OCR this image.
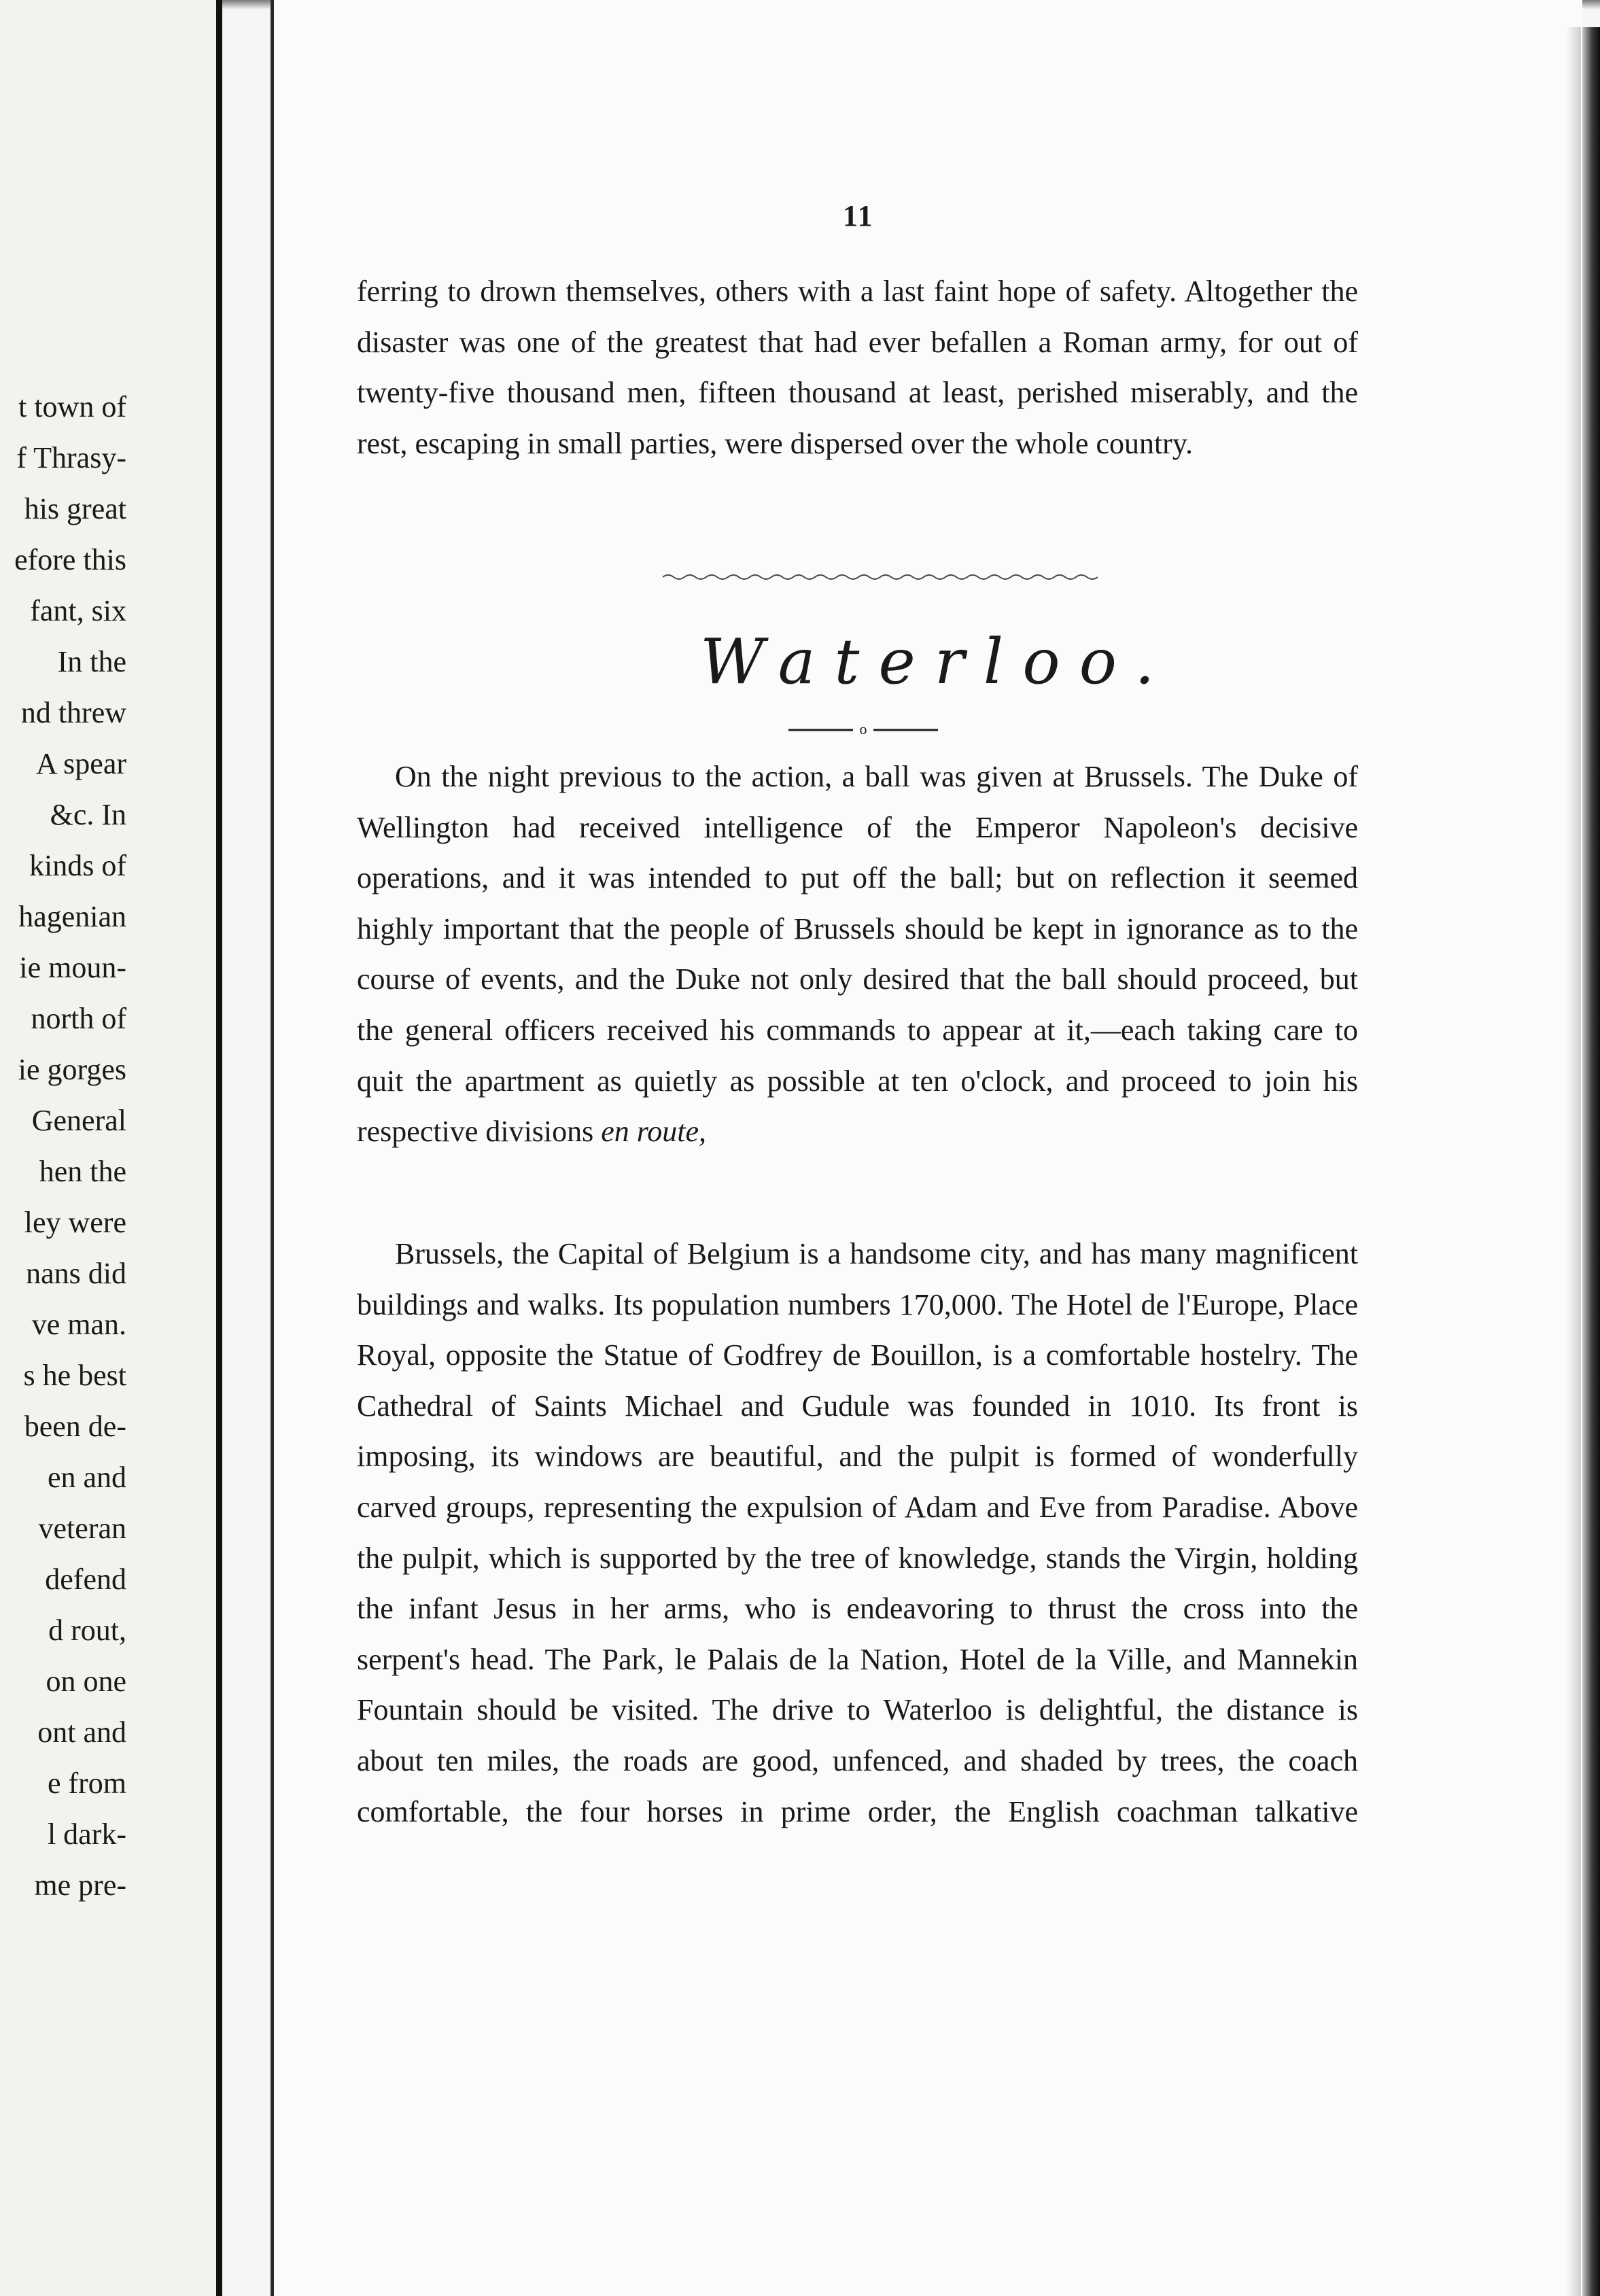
t town of

f Thrasy-

his great

efore this

fant, six

In the

nd threw

A spear

&c. In

kinds of

hagenian

ie moun-

north of

ie gorges

General

hen the

ley were

nans did

ve man.

s he best

been de-

en and

veteran

defend

d rout,

on one

ont and

e from

l dark-

me pre-

11

ferring to drown themselves, others with a last faint hope of safety. Altogether the disaster was one of the greatest that had ever befallen a Roman army, for out of twenty-five thousand men, fifteen thousand at least, perished miserably, and the rest, escaping in small parties, were dispersed over the whole country.

Waterloo.
o

On the night previous to the action, a ball was given at Brussels. The Duke of Wellington had received intelligence of the Emperor Napoleon's decisive operations, and it was intended to put off the ball; but on reflection it seemed highly important that the people of Brussels should be kept in ignorance as to the course of events, and the Duke not only desired that the ball should proceed, but the general officers received his commands to appear at it,—each taking care to quit the apartment as quietly as possible at ten o'clock, and proceed to join his respective divisions en route,

Brussels, the Capital of Belgium is a handsome city, and has many magnificent buildings and walks. Its population numbers 170,000. The Hotel de l'Europe, Place Royal, opposite the Statue of Godfrey de Bouillon, is a comfortable hostelry. The Cathedral of Saints Michael and Gudule was founded in 1010. Its front is imposing, its windows are beautiful, and the pulpit is formed of wonderfully carved groups, representing the expulsion of Adam and Eve from Paradise. Above the pulpit, which is supported by the tree of knowledge, stands the Virgin, holding the infant Jesus in her arms, who is endeavoring to thrust the cross into the serpent's head. The Park, le Palais de la Nation, Hotel de la Ville, and Mannekin Fountain should be visited. The drive to Waterloo is delightful, the distance is about ten miles, the roads are good, unfenced, and shaded by trees, the coach comfortable, the four horses in prime order, the English coachman talkative
